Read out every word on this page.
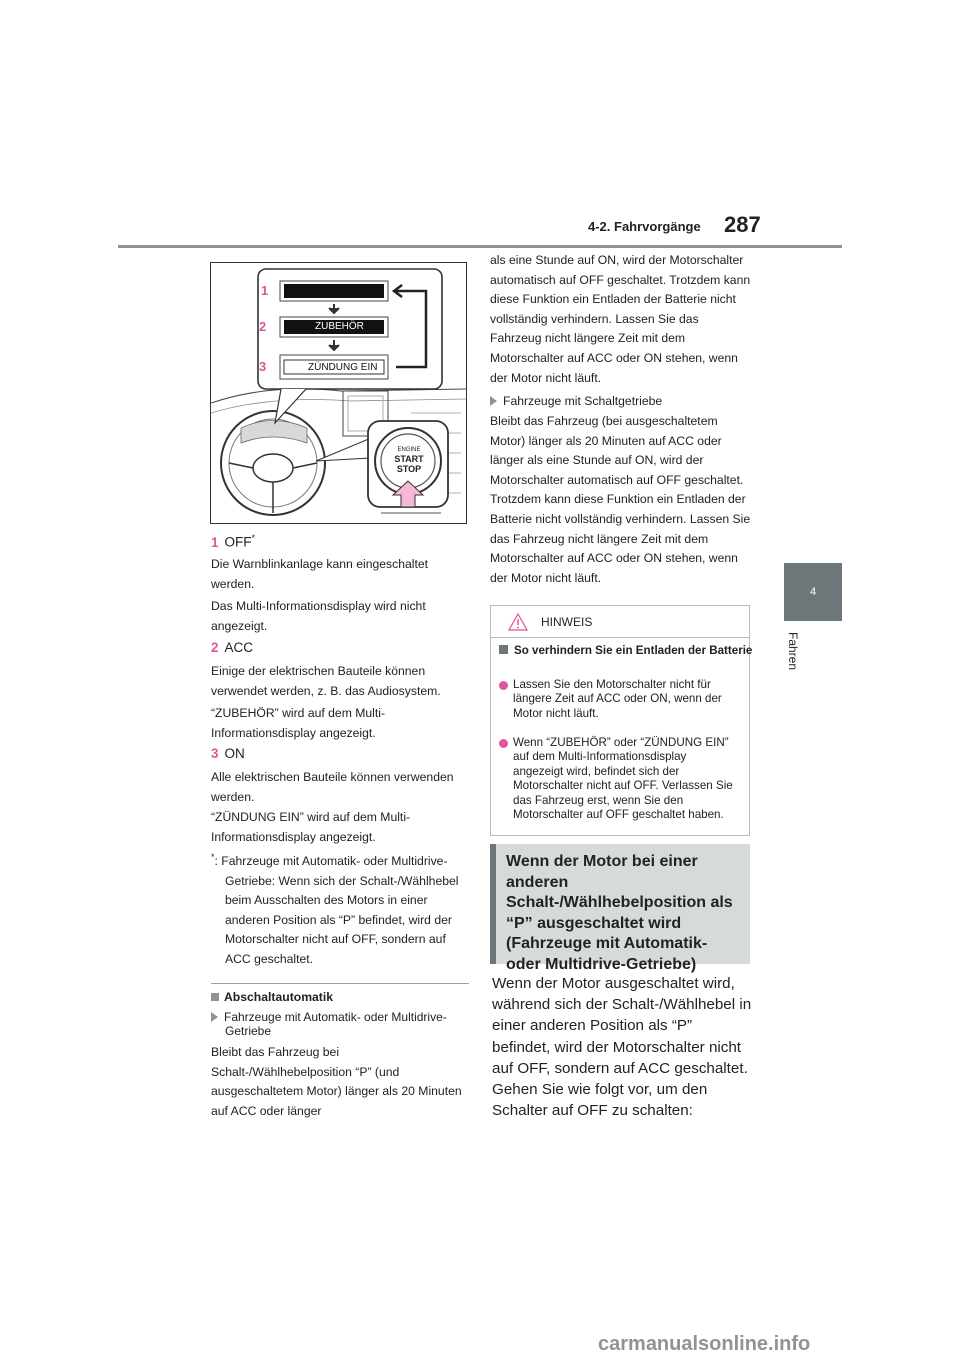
4-2. Fahrvorgänge 287
4
Fahren
1
2
3
ZUBEHÖR
ZÜNDUNG EIN
ENGINE
START
STOP
1 OFF*
Die Warnblinkanlage kann eingeschaltet werden.
Das Multi-Informationsdisplay wird nicht angezeigt.
2 ACC
Einige der elektrischen Bauteile können verwendet werden, z. B. das Audiosystem.
“ZUBEHÖR” wird auf dem Multi-Informationsdisplay angezeigt.
3 ON
Alle elektrischen Bauteile können verwenden werden.
“ZÜNDUNG EIN” wird auf dem Multi-Informationsdisplay angezeigt.
*: Fahrzeuge mit Automatik- oder Multidrive-Getriebe: Wenn sich der Schalt-/Wählhebel beim Ausschalten des Motors in einer anderen Position als “P” befindet, wird der Motorschalter nicht auf OFF, sondern auf ACC geschaltet.
Abschaltautomatik
Fahrzeuge mit Automatik- oder Multidrive-Getriebe
Bleibt das Fahrzeug bei Schalt-/Wählhebelposition “P” (und ausgeschaltetem Motor) länger als 20 Minuten auf ACC oder länger
als eine Stunde auf ON, wird der Motorschalter automatisch auf OFF geschaltet. Trotzdem kann diese Funktion ein Entladen der Batterie nicht vollständig verhindern. Lassen Sie das Fahrzeug nicht längere Zeit mit dem Motorschalter auf ACC oder ON stehen, wenn der Motor nicht läuft.
Fahrzeuge mit Schaltgetriebe
Bleibt das Fahrzeug (bei ausgeschaltetem Motor) länger als 20 Minuten auf ACC oder länger als eine Stunde auf ON, wird der Motorschalter automatisch auf OFF geschaltet. Trotzdem kann diese Funktion ein Entladen der Batterie nicht vollständig verhindern. Lassen Sie das Fahrzeug nicht längere Zeit mit dem Motorschalter auf ACC oder ON stehen, wenn der Motor nicht läuft.
HINWEIS
So verhindern Sie ein Entladen der Batterie
Lassen Sie den Motorschalter nicht für längere Zeit auf ACC oder ON, wenn der Motor nicht läuft.
Wenn “ZUBEHÖR” oder “ZÜNDUNG EIN” auf dem Multi-Informationsdisplay angezeigt wird, befindet sich der Motorschalter nicht auf OFF. Verlassen Sie das Fahrzeug erst, wenn Sie den Motorschalter auf OFF geschaltet haben.
Wenn der Motor bei einer anderen Schalt-/Wählhebelposition als “P” ausgeschaltet wird (Fahrzeuge mit Automatik- oder Multidrive-Getriebe)
Wenn der Motor ausgeschaltet wird, während sich der Schalt-/Wählhebel in einer anderen Position als “P” befindet, wird der Motorschalter nicht auf OFF, sondern auf ACC geschaltet. Gehen Sie wie folgt vor, um den Schalter auf OFF zu schalten:
carmanualsonline.info
